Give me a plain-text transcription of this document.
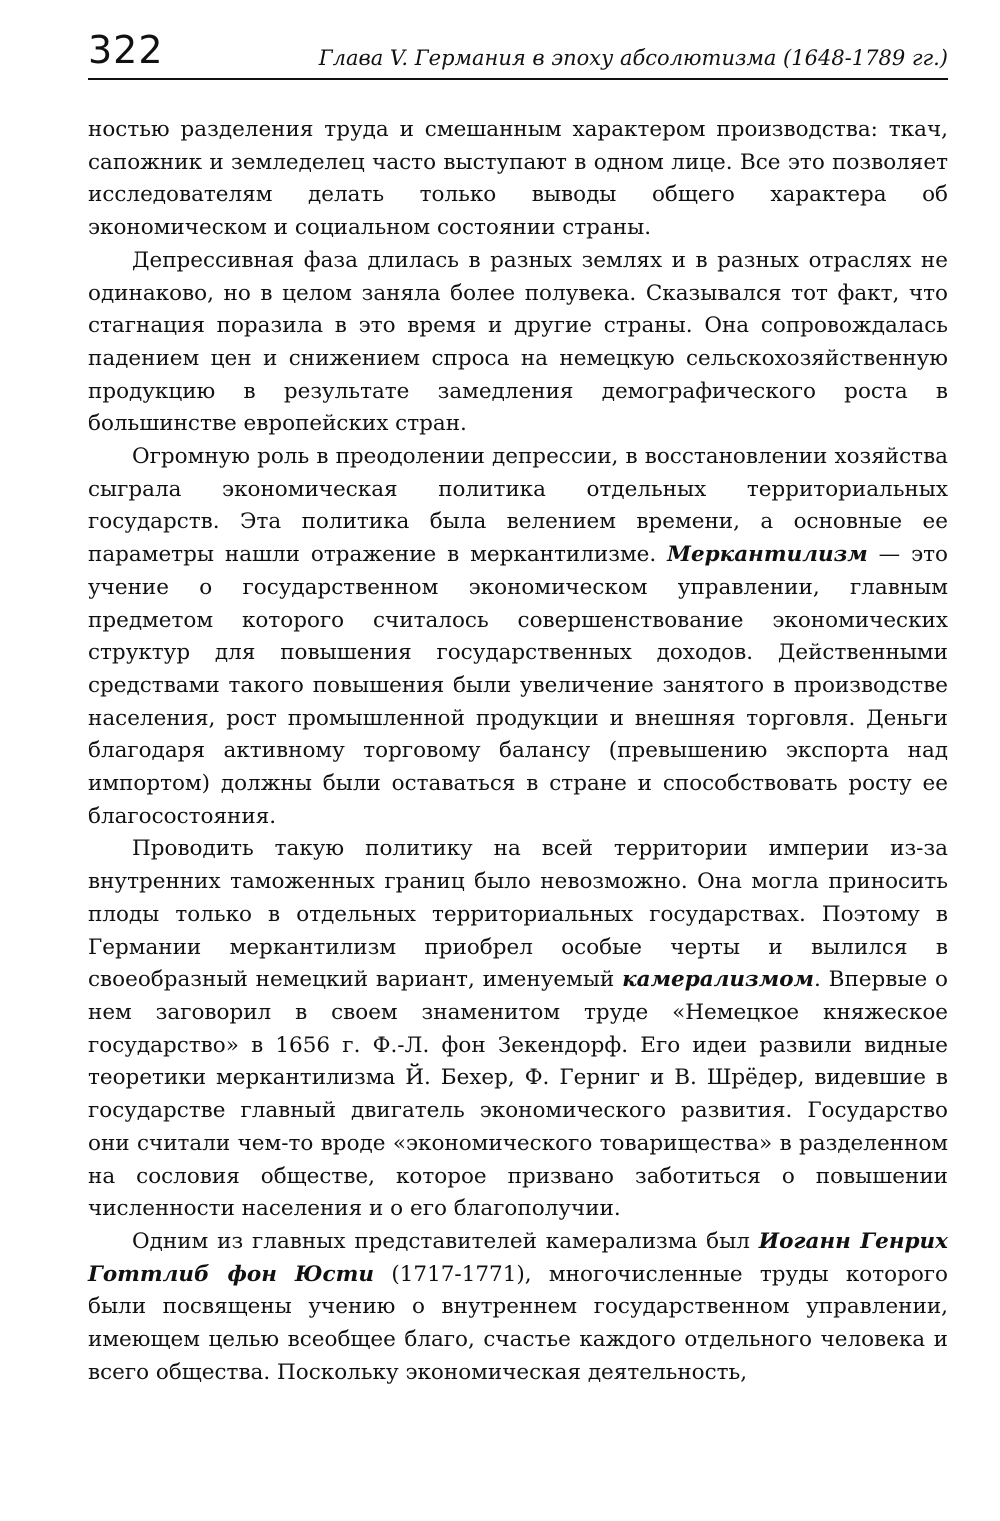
322	Глава V. Германия в эпоху абсолютизма (1648-1789 гг.)

ностью разделения труда и смешанным характером производства: ткач, сапожник и земледелец часто выступают в одном лице. Все это позволяет исследователям делать только выводы общего характера об экономическом и социальном состоянии страны.

Депрессивная фаза длилась в разных землях и в разных отраслях не одинаково, но в целом заняла более полувека. Сказывался тот факт, что стагнация поразила в это время и другие страны. Она сопровождалась падением цен и снижением спроса на немецкую сельскохозяйственную продукцию в результате замедления демографического роста в большинстве европейских стран.

Огромную роль в преодолении депрессии, в восстановлении хозяйства сыграла экономическая политика отдельных территориальных государств. Эта политика была велением времени, а основные ее параметры нашли отражение в меркантилизме. Меркантилизм — это учение о государственном экономическом управлении, главным предметом которого считалось совершенствование экономических структур для повышения государственных доходов. Действенными средствами такого повышения были увеличение занятого в производстве населения, рост промышленной продукции и внешняя торговля. Деньги благодаря активному торговому балансу (превышению экспорта над импортом) должны были оставаться в стране и способствовать росту ее благосостояния.

Проводить такую политику на всей территории империи из-за внутренних таможенных границ было невозможно. Она могла приносить плоды только в отдельных территориальных государствах. Поэтому в Германии меркантилизм приобрел особые черты и вылился в своеобразный немецкий вариант, именуемый камерализмом. Впервые о нем заговорил в своем знаменитом труде «Немецкое княжеское государство» в 1656 г. Ф.-Л. фон Зекендорф. Его идеи развили видные теоретики меркантилизма Й. Бехер, Ф. Герниг и В. Шрёдер, видевшие в государстве главный двигатель экономического развития. Государство они считали чем-то вроде «экономического товарищества» в разделенном на сословия обществе, которое призвано заботиться о повышении численности населения и о его благополучии.

Одним из главных представителей камерализма был Иоганн Генрих Готтлиб фон Юсти (1717-1771), многочисленные труды которого были посвящены учению о внутреннем государственном управлении, имеющем целью всеобщее благо, счастье каждого отдельного человека и всего общества. Поскольку экономическая деятельность,
